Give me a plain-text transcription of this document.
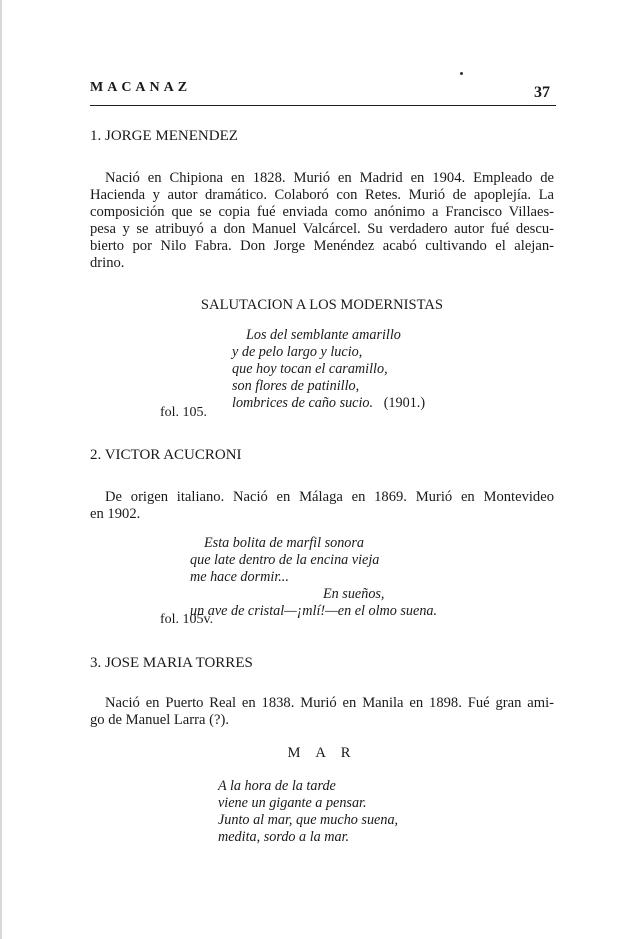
MACANAZ	37
1. JORGE MENENDEZ
Nació en Chipiona en 1828. Murió en Madrid en 1904. Empleado de
Hacienda y autor dramático. Colaboró con Retes. Murió de apoplejía. La
composición que se copia fué enviada como anónimo a Francisco Villaes-
pesa y se atribuyó a don Manuel Valcárcel. Su verdadero autor fué descu-
bierto por Nilo Fabra. Don Jorge Menéndez acabó cultivando el alejan-
drino.
SALUTACION A LOS MODERNISTAS
Los del semblante amarillo
y de pelo largo y lucio,
que hoy tocan el caramillo,
son flores de patinillo,
lombrices de caño sucio. (1901.)
fol. 105.
2. VICTOR ACUCRONI
De origen italiano. Nació en Málaga en 1869. Murió en Montevideo
en 1902.
Esta bolita de marfil sonora
que late dentro de la encina vieja
me hace dormir...
En sueños,
un ave de cristal—¡mlí!—en el olmo suena.
fol. 105v.
3. JOSE MARIA TORRES
Nació en Puerto Real en 1838. Murió en Manila en 1898. Fué gran ami-
go de Manuel Larra (?).
M A R
A la hora de la tarde
viene un gigante a pensar.
Junto al mar, que mucho suena,
medita, sordo a la mar.
